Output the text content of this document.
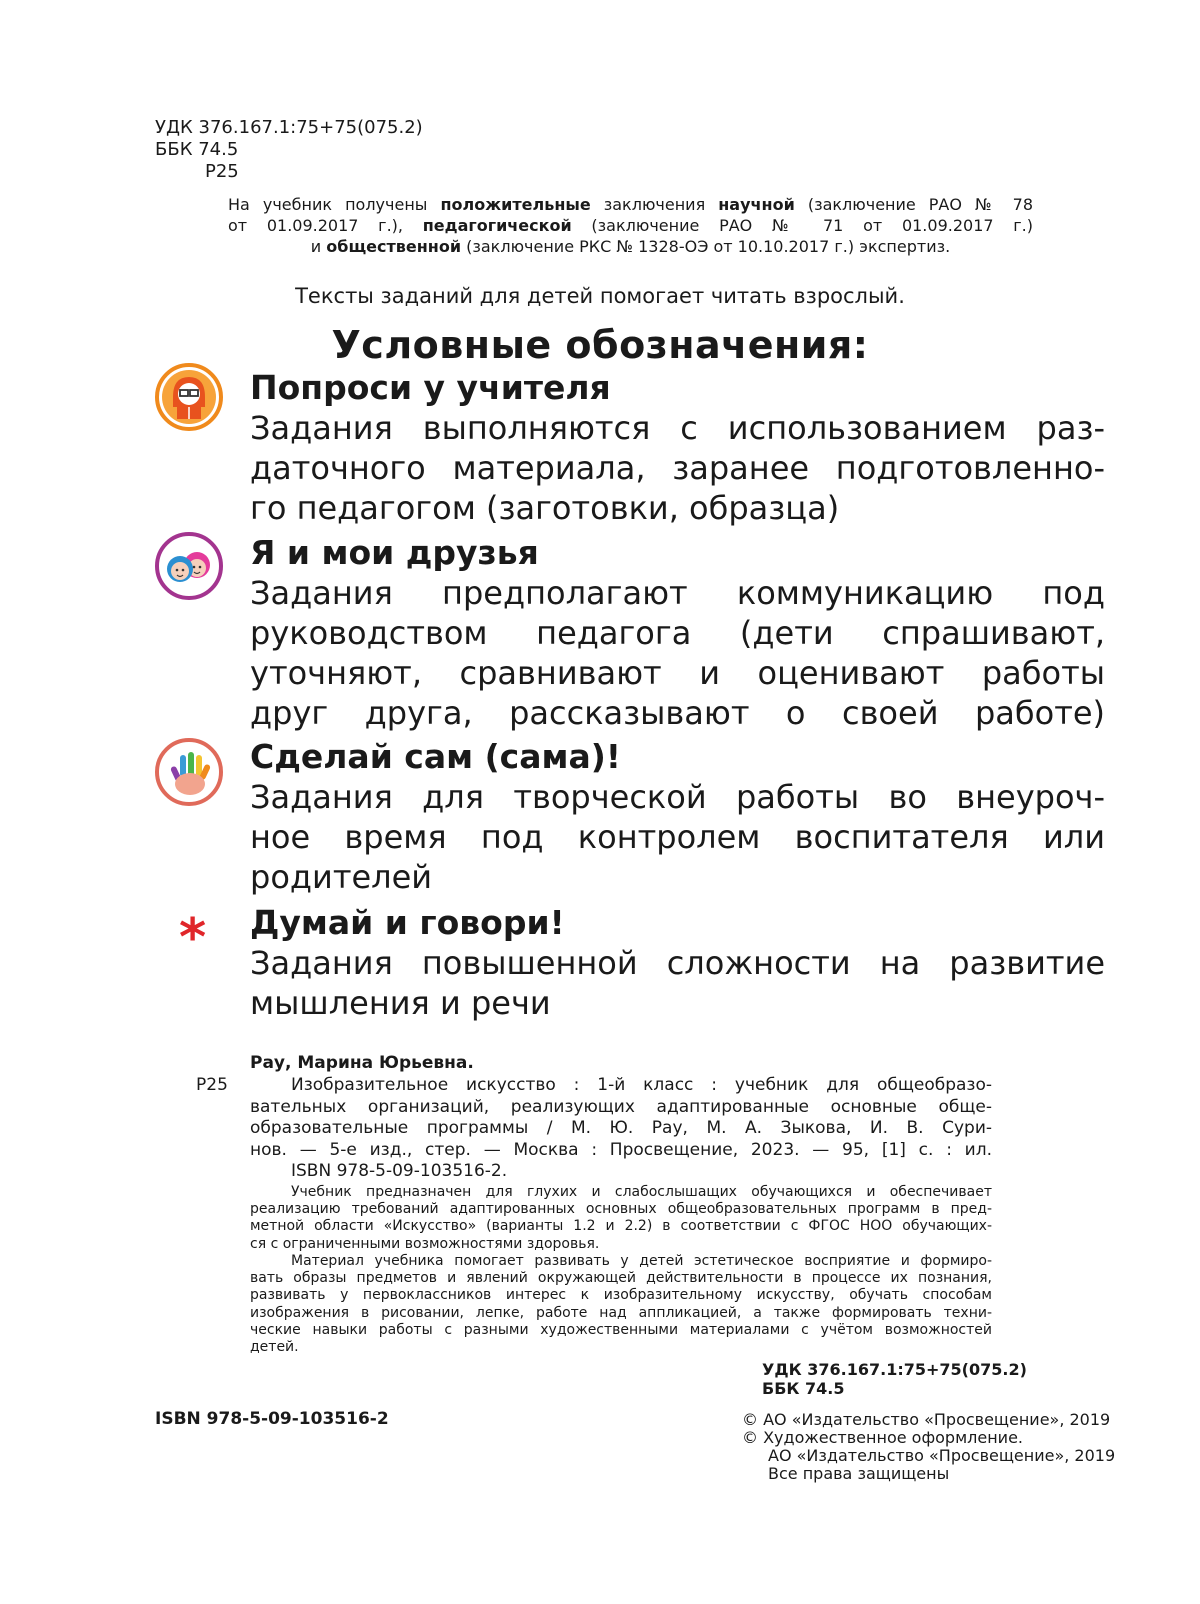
УДК 376.167.1:75+75(075.2)
ББК 74.5
Р25
На учебник получены положительные заключения научной (заключение РАО № 78
от 01.09.2017 г.), педагогической (заключение РАО № 71 от 01.09.2017 г.)
и общественной (заключение РКС № 1328-ОЭ от 10.10.2017 г.) экспертиз.
Тексты заданий для детей помогает читать взрослый.
Условные обозначения:
Попроси у учителя
Задания выполняются с использованием раз-
даточного материала, заранее подготовленно-
го педагогом (заготовки, образца)
Я и мои друзья
Задания предполагают коммуникацию под
руководством педагога (дети спрашивают,
уточняют, сравнивают и оценивают работы
друг друга, рассказывают о своей работе)
Сделай сам (сама)!
Задания для творческой работы во внеуроч-
ное время под контролем воспитателя или
родителей
* Думай и говори!
Задания повышенной сложности на развитие
мышления и речи
Рау, Марина Юрьевна.
Р25	Изобразительное искусство : 1-й класс : учебник для общеобразо-
вательных организаций, реализующих адаптированные основные обще-
образовательные программы / М. Ю. Рау, М. А. Зыкова, И. В. Сури-
нов. — 5-е изд., стер. — Москва : Просвещение, 2023. — 95, [1] с. : ил.
ISBN 978-5-09-103516-2.
Учебник предназначен для глухих и слабослышащих обучающихся и обеспечивает
реализацию требований адаптированных основных общеобразовательных программ в пред-
метной области «Искусство» (варианты 1.2 и 2.2) в соответствии с ФГОС НОО обучающих-
ся с ограниченными возможностями здоровья.
Материал учебника помогает развивать у детей эстетическое восприятие и формиро-
вать образы предметов и явлений окружающей действительности в процессе их познания,
развивать у первоклассников интерес к изобразительному искусству, обучать способам
изображения в рисовании, лепке, работе над аппликацией, а также формировать техни-
ческие навыки работы с разными художественными материалами с учётом возможностей
детей.
УДК 376.167.1:75+75(075.2)
ББК 74.5
ISBN 978-5-09-103516-2	© АО «Издательство «Просвещение», 2019
© Художественное оформление.
АО «Издательство «Просвещение», 2019
Все права защищены
